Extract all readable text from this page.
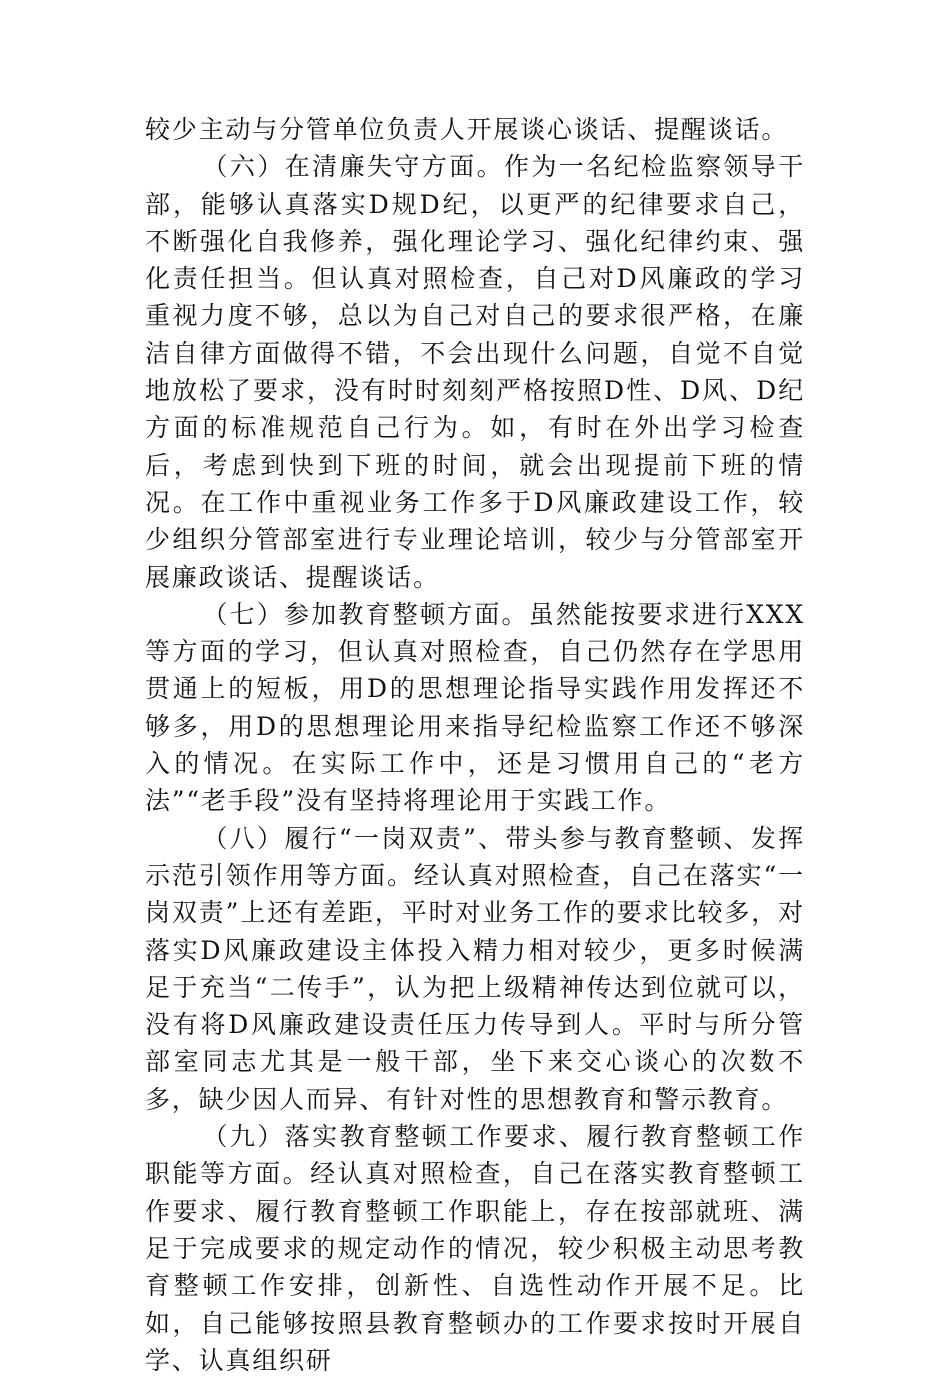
较少主动与分管单位负责人开展谈心谈话、提醒谈话。

（六）在清廉失守方面。作为一名纪检监察领导干部，能够认真落实D规D纪，以更严的纪律要求自己，不断强化自我修养，强化理论学习、强化纪律约束、强化责任担当。但认真对照检查，自己对D风廉政的学习重视力度不够，总以为自己对自己的要求很严格，在廉洁自律方面做得不错，不会出现什么问题，自觉不自觉地放松了要求，没有时时刻刻严格按照D性、D风、D纪方面的标准规范自己行为。如，有时在外出学习检查后，考虑到快到下班的时间，就会出现提前下班的情况。在工作中重视业务工作多于D风廉政建设工作，较少组织分管部室进行专业理论培训，较少与分管部室开展廉政谈话、提醒谈话。

（七）参加教育整顿方面。虽然能按要求进行XXX等方面的学习，但认真对照检查，自己仍然存在学思用贯通上的短板，用D的思想理论指导实践作用发挥还不够多，用D的思想理论用来指导纪检监察工作还不够深入的情况。在实际工作中，还是习惯用自己的“老方法”“老手段”没有坚持将理论用于实践工作。

（八）履行“一岗双责”、带头参与教育整顿、发挥示范引领作用等方面。经认真对照检查，自己在落实“一岗双责”上还有差距，平时对业务工作的要求比较多，对落实D风廉政建设主体投入精力相对较少，更多时候满足于充当“二传手”，认为把上级精神传达到位就可以，没有将D风廉政建设责任压力传导到人。平时与所分管部室同志尤其是一般干部，坐下来交心谈心的次数不多，缺少因人而异、有针对性的思想教育和警示教育。

（九）落实教育整顿工作要求、履行教育整顿工作职能等方面。经认真对照检查，自己在落实教育整顿工作要求、履行教育整顿工作职能上，存在按部就班、满足于完成要求的规定动作的情况，较少积极主动思考教育整顿工作安排，创新性、自选性动作开展不足。比如，自己能够按照县教育整顿办的工作要求按时开展自学、认真组织研
